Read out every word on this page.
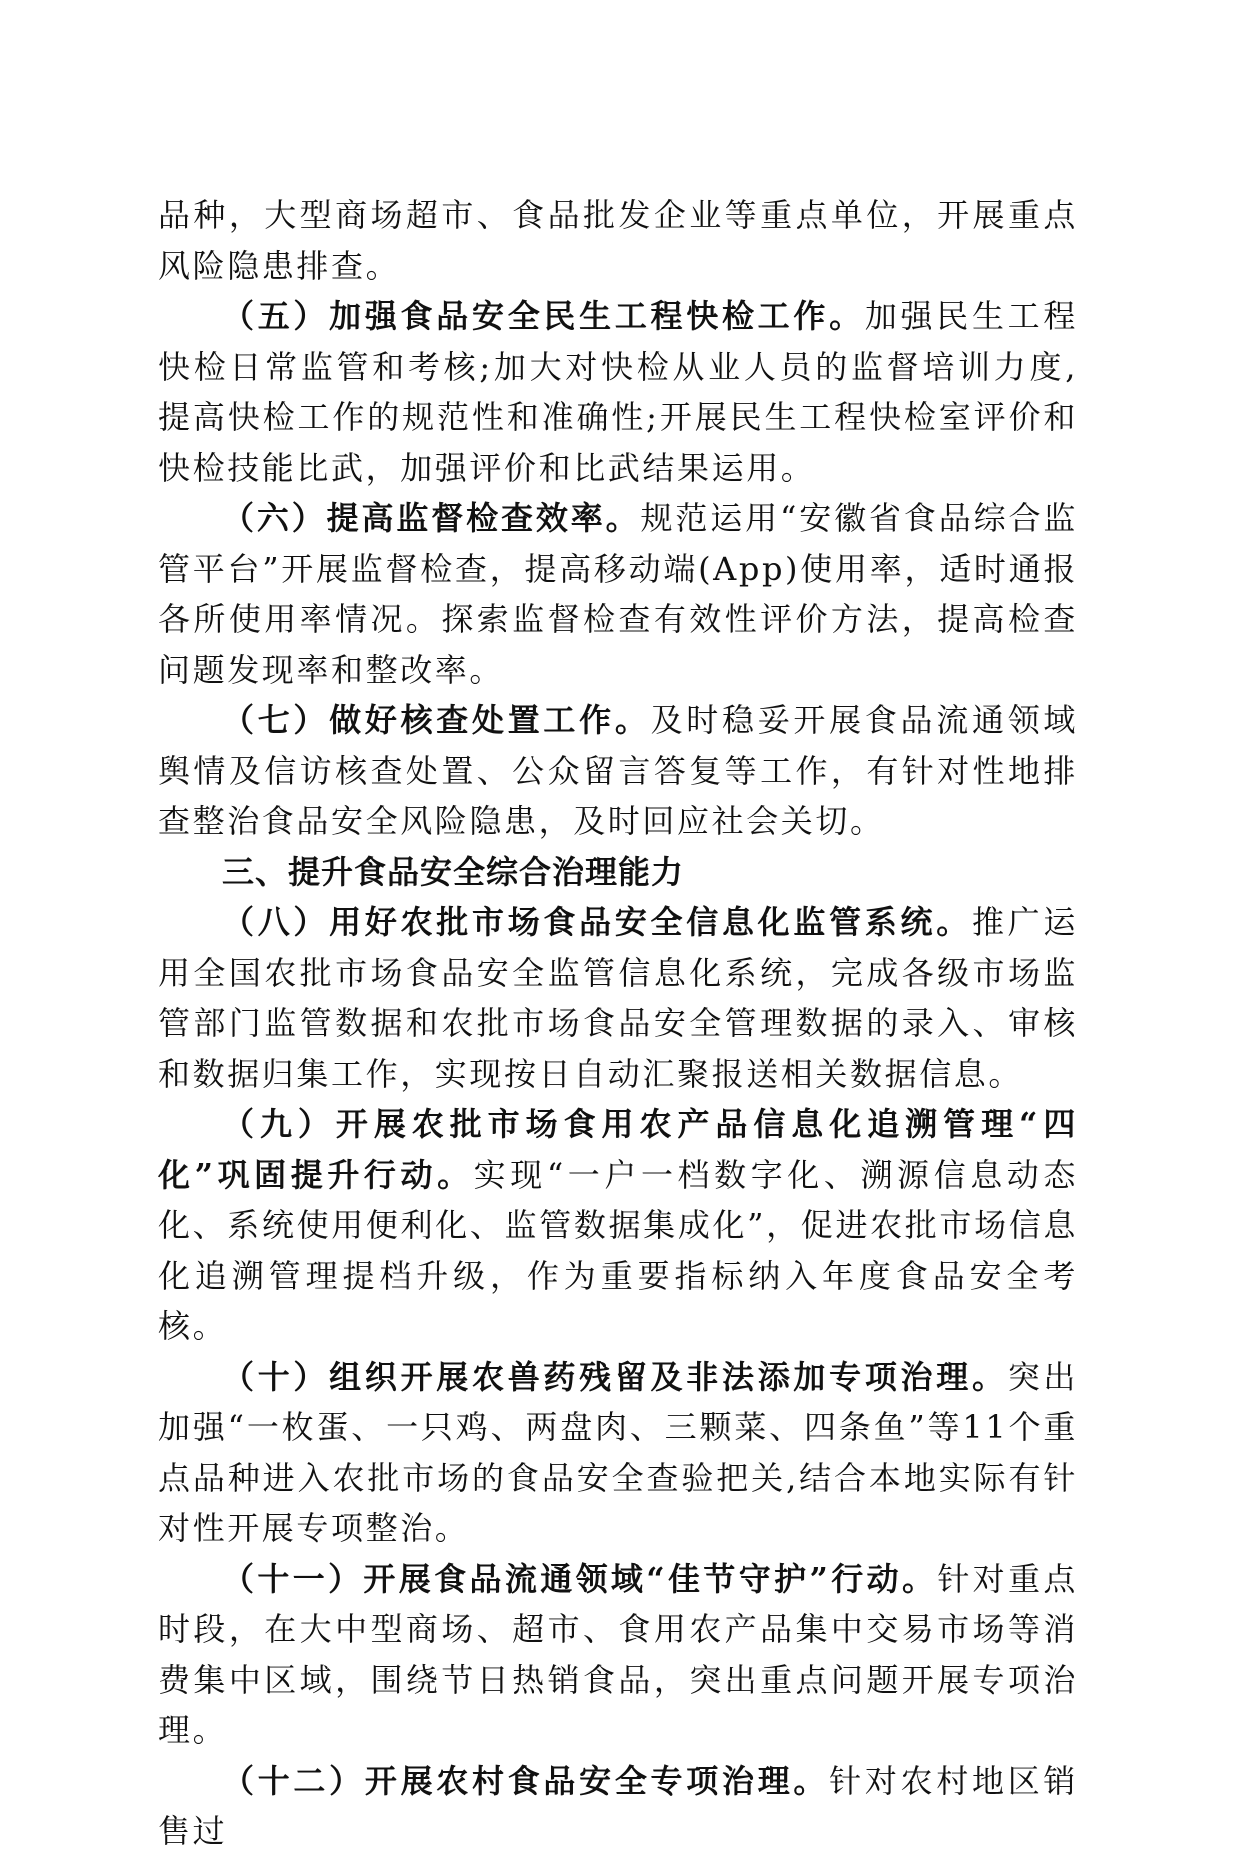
品种，大型商场超市、食品批发企业等重点单位，开展重点风险隐患排查。

（五）加强食品安全民生工程快检工作。加强民生工程快检日常监管和考核;加大对快检从业人员的监督培训力度,提高快检工作的规范性和准确性;开展民生工程快检室评价和快检技能比武，加强评价和比武结果运用。

（六）提高监督检查效率。规范运用“安徽省食品综合监管平台”开展监督检查，提高移动端(App)使用率，适时通报各所使用率情况。探索监督检查有效性评价方法，提高检查问题发现率和整改率。

（七）做好核查处置工作。及时稳妥开展食品流通领域舆情及信访核查处置、公众留言答复等工作，有针对性地排查整治食品安全风险隐患，及时回应社会关切。

三、提升食品安全综合治理能力

（八）用好农批市场食品安全信息化监管系统。推广运用全国农批市场食品安全监管信息化系统，完成各级市场监管部门监管数据和农批市场食品安全管理数据的录入、审核和数据归集工作，实现按日自动汇聚报送相关数据信息。

（九）开展农批市场食用农产品信息化追溯管理“四化”巩固提升行动。实现“一户一档数字化、溯源信息动态化、系统使用便利化、监管数据集成化”，促进农批市场信息化追溯管理提档升级，作为重要指标纳入年度食品安全考核。

（十）组织开展农兽药残留及非法添加专项治理。突出加强“一枚蛋、一只鸡、两盘肉、三颗菜、四条鱼”等11个重点品种进入农批市场的食品安全查验把关,结合本地实际有针对性开展专项整治。

（十一）开展食品流通领域“佳节守护”行动。针对重点时段，在大中型商场、超市、食用农产品集中交易市场等消费集中区域，围绕节日热销食品，突出重点问题开展专项治理。

（十二）开展农村食品安全专项治理。针对农村地区销售过
